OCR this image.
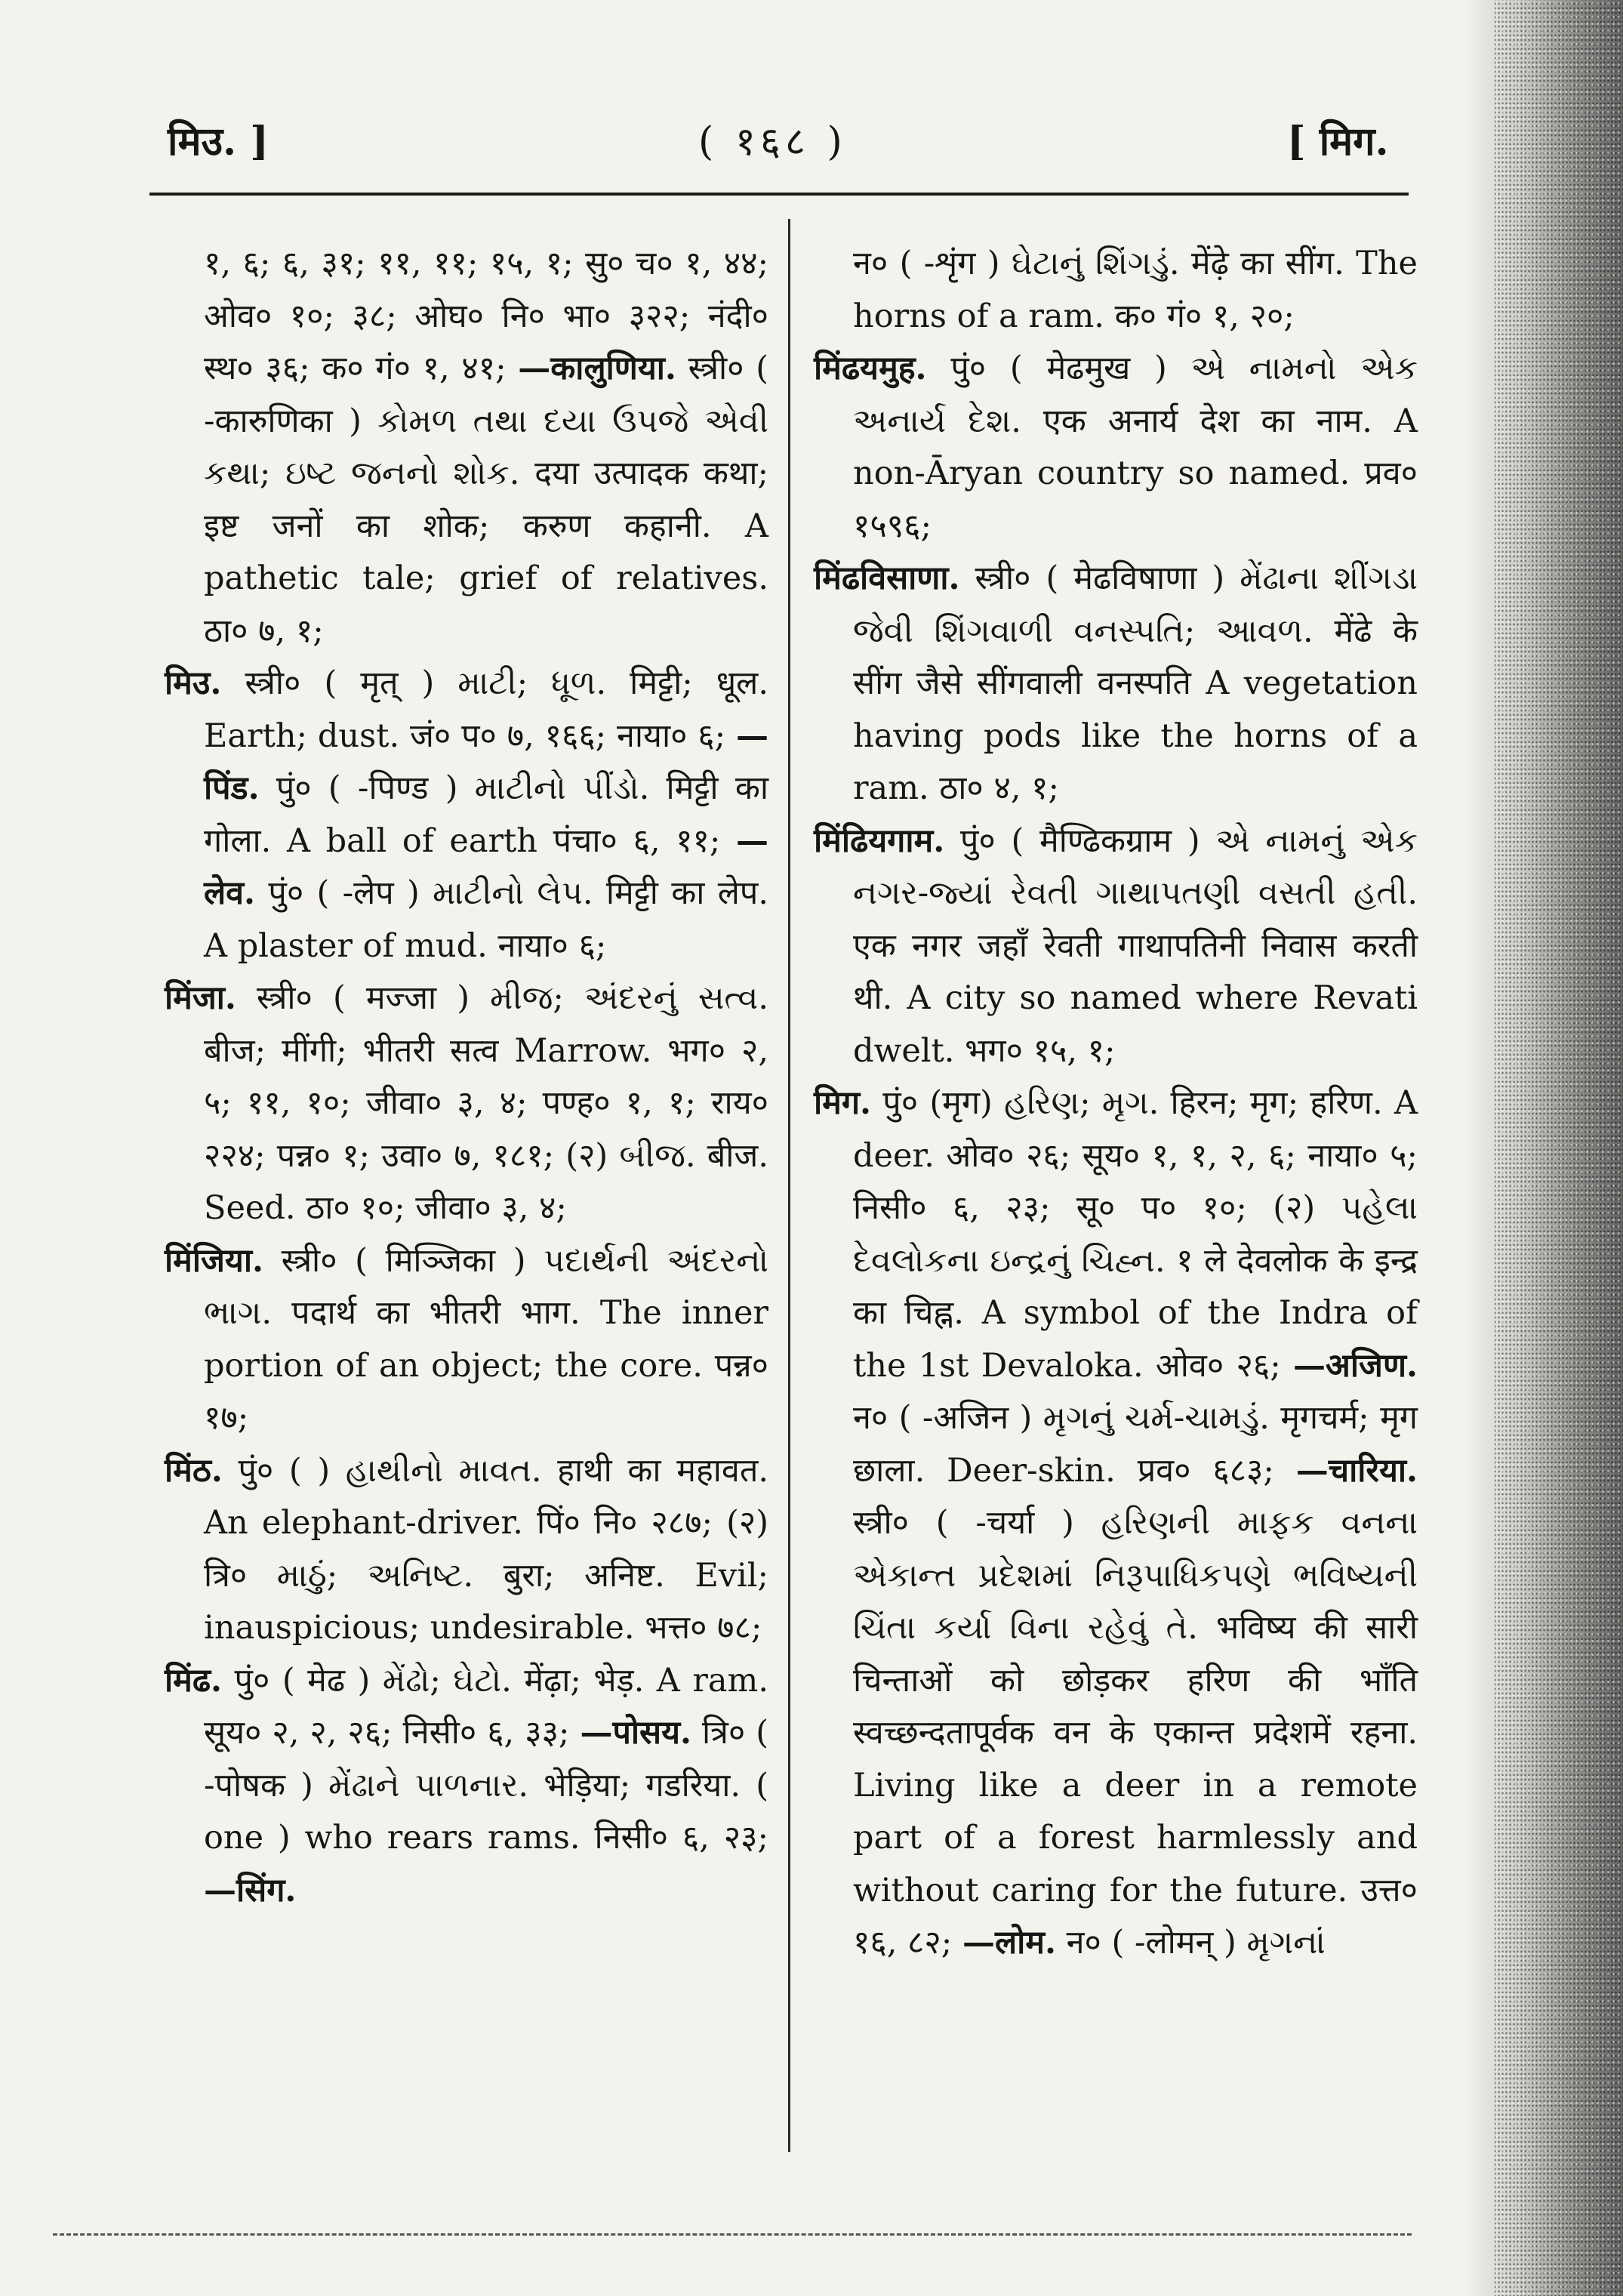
मिउ. ]	( १६८ )	[ मिग.

१, ६; ६, ३१; ११, ११; १५, १; सु० च० १, ४४; ओव० १०; ३८; ओघ० नि० भा० ३२२; नंदी० स्थ० ३६; क० गं० १, ४१; —कालुणिया. स्त्री० ( -कारुणिका ) કોમળ તથા દયા ઉપજે એવી કથા; ઇષ્ટ જનનો શોક. दया उत्पादक कथा; इष्ट जनों का शोक; करुण कहानी. A pathetic tale; grief of relatives. ठा० ७, १;

मिउ. स्त्री० ( मृत् ) માટી; ધૂળ. मिट्टी; धूल. Earth; dust. जं० प० ७, १६६; नाया० ६; —पिंड. पुं० ( -पिण्ड ) માટીનો પીંડો. मिट्टी का गोला. A ball of earth पंचा० ६, ११; —लेव. पुं० ( -लेप ) માટીનો લેપ. मिट्टी का लेप. A plaster of mud. नाया० ६;

मिंजा. स्त्री० ( मज्जा ) મીજ; અંદરનું સત્વ. बीज; मींगी; भीतरी सत्व Marrow. भग० २, ५; ११, १०; जीवा० ३, ४; पण्ह० १, १; राय० २२४; पन्न० १; उवा० ७, १८१; (२) બીજ. बीज. Seed. ठा० १०; जीवा० ३, ४;

मिंजिया. स्त्री० ( मिञ्जिका ) પદાર્થની અંદરનો ભાગ. पदार्थ का भीतरी भाग. The inner portion of an object; the core. पन्न० १७;

मिंठ. पुं० ( ) હાથીનો માવત. हाथी का महावत. An elephant-driver. पिं० नि० २८७; (२) त्रि० માઠું; અનિષ્ટ. बुरा; अनिष्ट. Evil; inauspicious; undesirable. भत्त० ७८;

मिंढ. पुं० ( मेढ ) મેંઢો; ઘેટો. मेंढ़ा; भेड़. A ram. सूय० २, २, २६; निसी० ६, ३३; —पोसय. त्रि० ( -पोषक ) મેંઢાને પાળનાર. भेड़िया; गडरिया. ( one ) who rears rams. निसी० ६, २३; —सिंग.

न० ( -शृंग ) ઘેટાનું શિંગડું. मेंढ़े का सींग. The horns of a ram. क० गं० १, २०;

मिंढयमुह. पुं० ( मेढमुख ) એ નામનો એક અનાર્ય દેશ. एक अनार्य देश का नाम. A non-Āryan country so named. प्रव० १५९६;

मिंढविसाणा. स्त्री० ( मेढविषाणा ) મેંઢાના શીંગડા જેવી શિંગવાળી વનસ્પતિ; આવળ. मेंढे के सींग जैसे सींगवाली वनस्पति A vegetation having pods like the horns of a ram. ठा० ४, १;

मिंढियगाम. पुं० ( मैण्ढिकग्राम ) એ નામનું એક નગર-જ્યાં રેવતી ગાથાપતણી વસતી હતી. एक नगर जहाँ रेवती गाथापतिनी निवास करती थी. A city so named where Revati dwelt. भग० १५, १;

मिग. पुं० (मृग) હરિણ; મૃગ. हिरन; मृग; हरिण. A deer. ओव० २६; सूय० १, १, २, ६; नाया० ५; निसी० ६, २३; सू० प० १०; (२) પહેલા દેવલોકના ઇન્દ્રનું ચિહ્ન. १ ले देवलोक के इन्द्र का चिह्न. A symbol of the Indra of the 1st Devaloka. ओव० २६; —अजिण. न० ( -अजिन ) મૃગનું ચર્મ-ચામડું. मृगचर्म; मृग छाला. Deer-skin. प्रव० ६८३; —चारिया. स्त्री० ( -चर्या ) હરિણની માફક વનના એકાન્ત પ્રદેશમાં નિરૂપાધિકપણે ભવિષ્યની ચિંતા કર્યા વિના રહેવું તે. भविष्य की सारी चिन्ताओं को छोड़कर हरिण की भाँति स्वच्छन्दतापूर्वक वन के एकान्त प्रदेशमें रहना. Living like a deer in a remote part of a forest harmlessly and without caring for the future. उत्त० १६, ८२; —लोम. न० ( -लोमन् ) મૃગનાં
